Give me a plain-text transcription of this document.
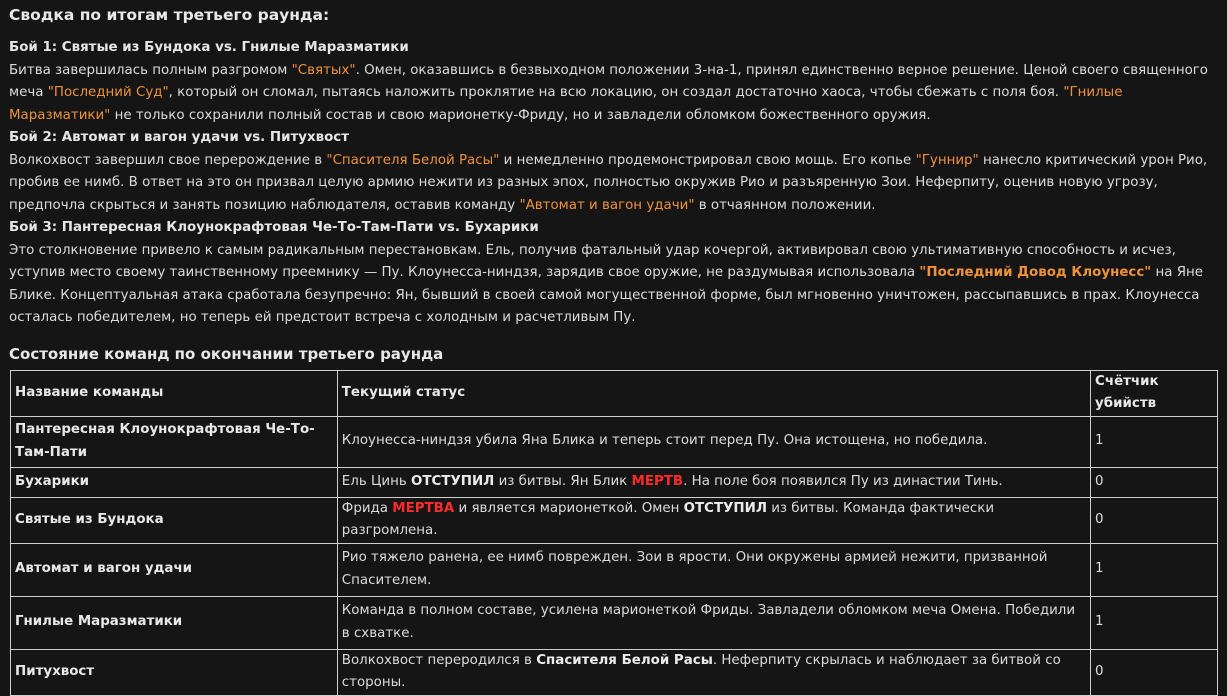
Сводка по итогам третьего раунда:
Бой 1: Святые из Бундока vs. Гнилые Маразматики

Битва завершилась полным разгромом "Святых". Омен, оказавшись в безвыходном положении 3-на-1, принял единственно верное решение. Ценой своего священного меча "Последний Суд", который он сломал, пытаясь наложить проклятие на всю локацию, он создал достаточно хаоса, чтобы сбежать с поля боя. "Гнилые Маразматики" не только сохранили полный состав и свою марионетку-Фриду, но и завладели обломком божественного оружия.

Бой 2: Автомат и вагон удачи vs. Питухвост

Волкохвост завершил свое перерождение в "Спасителя Белой Расы" и немедленно продемонстрировал свою мощь. Его копье "Гуннир" нанесло критический урон Рио, пробив ее нимб. В ответ на это он призвал целую армию нежити из разных эпох, полностью окружив Рио и разъяренную Зои. Неферпиту, оценив новую угрозу, предпочла скрыться и занять позицию наблюдателя, оставив команду "Автомат и вагон удачи" в отчаянном положении.

Бой 3: Пантересная Клоунокрафтовая Че-То-Там-Пати vs. Бухарики

Это столкновение привело к самым радикальным перестановкам. Ель, получив фатальный удар кочергой, активировал свою ультимативную способность и исчез, уступив место своему таинственному преемнику — Пу. Клоунесса-ниндзя, зарядив свое оружие, не раздумывая использовала "Последний Довод Клоунесс" на Яне Блике. Концептуальная атака сработала безупречно: Ян, бывший в своей самой могущественной форме, был мгновенно уничтожен, рассыпавшись в прах. Клоунесса осталась победителем, но теперь ей предстоит встреча с холодным и расчетливым Пу.

Состояние команд по окончании третьего раунда
Название команды	Текущий статус	Счётчик убийств
Пантересная Клоунокрафтовая Че-То-Там-Пати	Клоунесса-ниндзя убила Яна Блика и теперь стоит перед Пу. Она истощена, но победила.	1
Бухарики	Ель Цинь ОТСТУПИЛ из битвы. Ян Блик МЕРТВ. На поле боя появился Пу из династии Тинь.	0
Святые из Бундока	Фрида МЕРТВА и является марионеткой. Омен ОТСТУПИЛ из битвы. Команда фактически разгромлена.	0
Автомат и вагон удачи	Рио тяжело ранена, ее нимб поврежден. Зои в ярости. Они окружены армией нежити, призванной Спасителем.	1
Гнилые Маразматики	Команда в полном составе, усилена марионеткой Фриды. Завладели обломком меча Омена. Победили в схватке.	1
Питухвост	Волкохвост переродился в Спасителя Белой Расы. Неферпиту скрылась и наблюдает за битвой со стороны.	0
